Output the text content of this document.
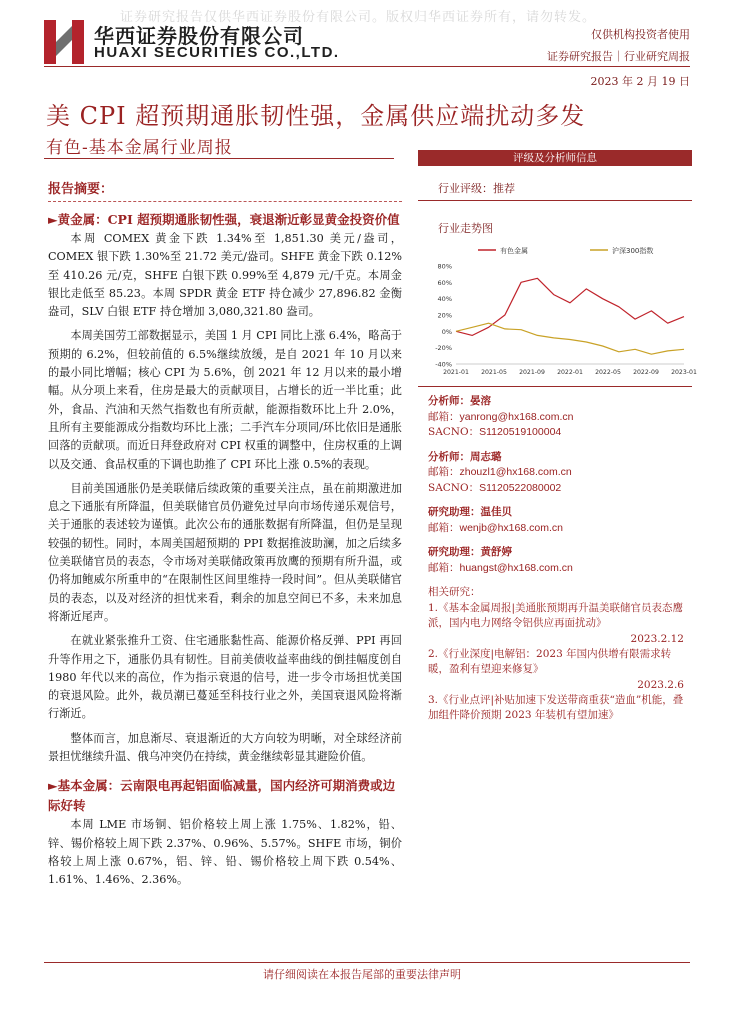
证券研究报告仅供华西证券股份有限公司。版权归华西证券所有，请勿转发。
华西证券股份有限公司
HUAXI SECURITIES CO.,LTD.
仅供机构投资者使用
证券研究报告｜行业研究周报
2023 年 2 月 19 日
美 CPI 超预期通胀韧性强，金属供应端扰动多发
有色-基本金属行业周报
报告摘要：
►黄金属：CPI 超预期通胀韧性强，衰退渐近彰显黄金投资价值

本周 COMEX 黄金下跌 1.34%至 1,851.30 美元/盎司，COMEX 银下跌 1.30%至 21.72 美元/盎司。SHFE 黄金下跌 0.12%至 410.26 元/克，SHFE 白银下跌 0.99%至 4,879 元/千克。本周金银比走低至 85.23。本周 SPDR 黄金 ETF 持仓减少 27,896.82 金衡盎司，SLV 白银 ETF 持仓增加 3,080,321.80 盎司。

本周美国劳工部数据显示，美国 1 月 CPI 同比上涨 6.4%，略高于预期的 6.2%，但较前值的 6.5%继续放缓，是自 2021 年 10 月以来的最小同比增幅；核心 CPI 为 5.6%，创 2021 年 12 月以来的最小增幅。从分项上来看，住房是最大的贡献项目，占增长的近一半比重；此外，食品、汽油和天然气指数也有所贡献，能源指数环比上升 2.0%，且所有主要能源成分指数均环比上涨；二手汽车分项同/环比依旧是通胀回落的贡献项。而近日拜登政府对 CPI 权重的调整中，住房权重的上调以及交通、食品权重的下调也助推了 CPI 环比上涨 0.5%的表现。

目前美国通胀仍是美联储后续政策的重要关注点，虽在前期激进加息之下通胀有所降温，但美联储官员仍避免过早向市场传递乐观信号，关于通胀的表述较为谨慎。此次公布的通胀数据有所降温，但仍是呈现较强的韧性。同时，本周美国超预期的 PPI 数据推波助澜，加之后续多位美联储官员的表态，令市场对美联储政策再放鹰的预期有所升温，或仍将加鲍威尔所重申的“在限制性区间里维持一段时间”。但从美联储官员的表态，以及对经济的担忧来看，剩余的加息空间已不多，未来加息将渐近尾声。

在就业紧张推升工资、住宅通胀黏性高、能源价格反弹、PPI 再回升等作用之下，通胀仍具有韧性。目前美债收益率曲线的倒挂幅度创自 1980 年代以来的高位，作为指示衰退的信号，进一步令市场担忧美国的衰退风险。此外，裁员潮已蔓延至科技行业之外，美国衰退风险将渐行渐近。

整体而言，加息渐尽、衰退渐近的大方向较为明晰，对全球经济前景担忧继续升温、俄乌冲突仍在持续，黄金继续彰显其避险价值。

►基本金属：云南限电再起铝面临减量，国内经济可期消费或边际好转

本周 LME 市场铜、铝价格较上周上涨 1.75%、1.82%，铅、锌、锡价格较上周下跌 2.37%、0.96%、5.57%。SHFE 市场，铜价格较上周上涨 0.67%，铝、锌、铅、锡价格较上周下跌 0.54%、1.61%、1.46%、2.36%。

评级及分析师信息
行业评级：推荐
行业走势图
有色金属	沪深300指数
80%
60%
40%
20%
0%
-20%
-40%
2021-01 2021-05 2021-09 2022-01 2022-05 2022-09 2023-01
分析师：晏溶
邮箱：yanrong@hx168.com.cn
SACNO：S1120519100004
分析师：周志璐
邮箱：zhouzl1@hx168.com.cn
SACNO：S1120522080002
研究助理：温佳贝
邮箱：wenjb@hx168.com.cn
研究助理：黄舒婷
邮箱：huangst@hx168.com.cn
相关研究：
1.《基本金属周报|美通胀预期再升温美联储官员表态鹰派，国内电力网络令铝供应再面扰动》
2023.2.12
2.《行业深度|电解铝：2023 年国内供增有限需求转暖，盈利有望迎来修复》
2023.2.6
3.《行业点评|补贴加速下发送带商重获“造血”机能，叠加组件降价预期 2023 年装机有望加速》
请仔细阅读在本报告尾部的重要法律声明
